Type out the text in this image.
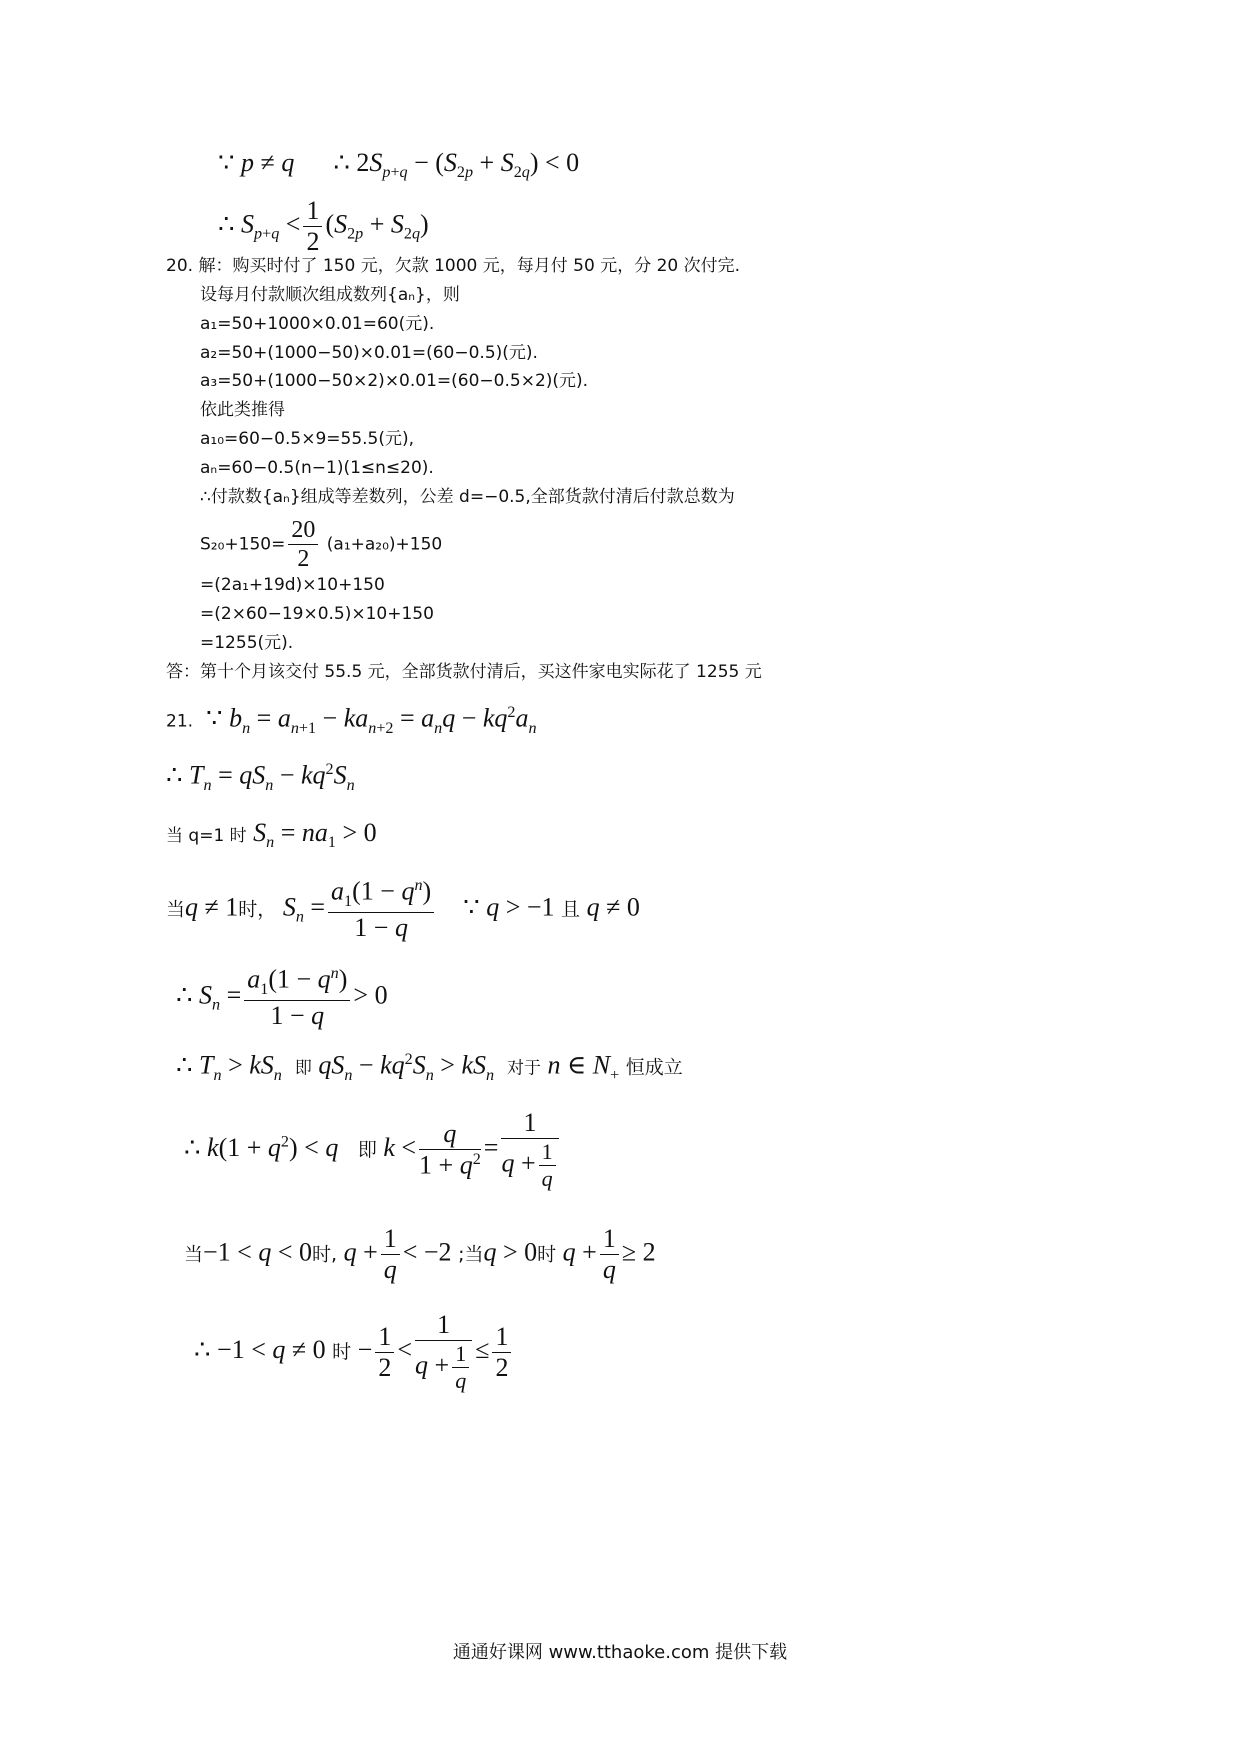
∵ p ≠ q      ∴ $2S_{p+q} - (S_{2p} + S_{2q}) < 0$
∴ $S_{p+q} < \frac{1}{2} (S_{2p} + S_{2q})$
20. 解：购买时付了 150 元，欠款 1000 元，每月付 50 元，分 20 次付完.
设每月付款顺次组成数列{aₙ}，则
a₁=50+1000×0.01=60(元).
a₂=50+(1000−50)×0.01=(60−0.5)(元).
a₃=50+(1000−50×2)×0.01=(60−0.5×2)(元).
依此类推得
a₁₀=60−0.5×9=55.5(元),
aₙ=60−0.5(n−1)(1≤n≤20).
∴付款数{aₙ}组成等差数列，公差 d=−0.5,全部货款付清后付款总数为
$S_{20}+150= \frac{20}{2} (a_1+a_{20})+150$
=(2a₁+19d)×10+150
=(2×60−19×0.5)×10+150
=1255(元).
答：第十个月该交付 55.5 元，全部货款付清后，买这件家电实际花了 1255 元
21.  ∵ $b_n = a_{n+1} - ka_{n+2} = a_nq - kq^2a_n$
∴ $T_n = qS_n - kq^2S_n$
当 q=1 时 $S_n = na_1 > 0$
当q ≠ 1时， $S_n = \frac{a_1(1 - q^n)}{1 - q}$ ∵ q > −1 且 q ≠ 0
∴ $S_n = \frac{a_1(1 - q^n)}{1 - q} > 0$
∴ $T_n > kS_n$ 即 $qS_n - kq^2S_n > kS_n$ 对于 n ∈ $N_+$ 恒成立
∴ $k(1 + q^2) < q$ 即 $k < \frac{q}{1 + q^2} = \frac{1}{q + \frac{1}{q}}$
当−1 < q < 0时, $q + \frac{1}{q} < -2$ ;当q > 0时 $q + \frac{1}{q} \ge 2$
∴ −1 < q ≠ 0 时 − $\frac{1}{2} < \frac{1}{q + \frac{1}{q}} \le \frac{1}{2}$
通通好课网 www.tthaoke.com 提供下载
